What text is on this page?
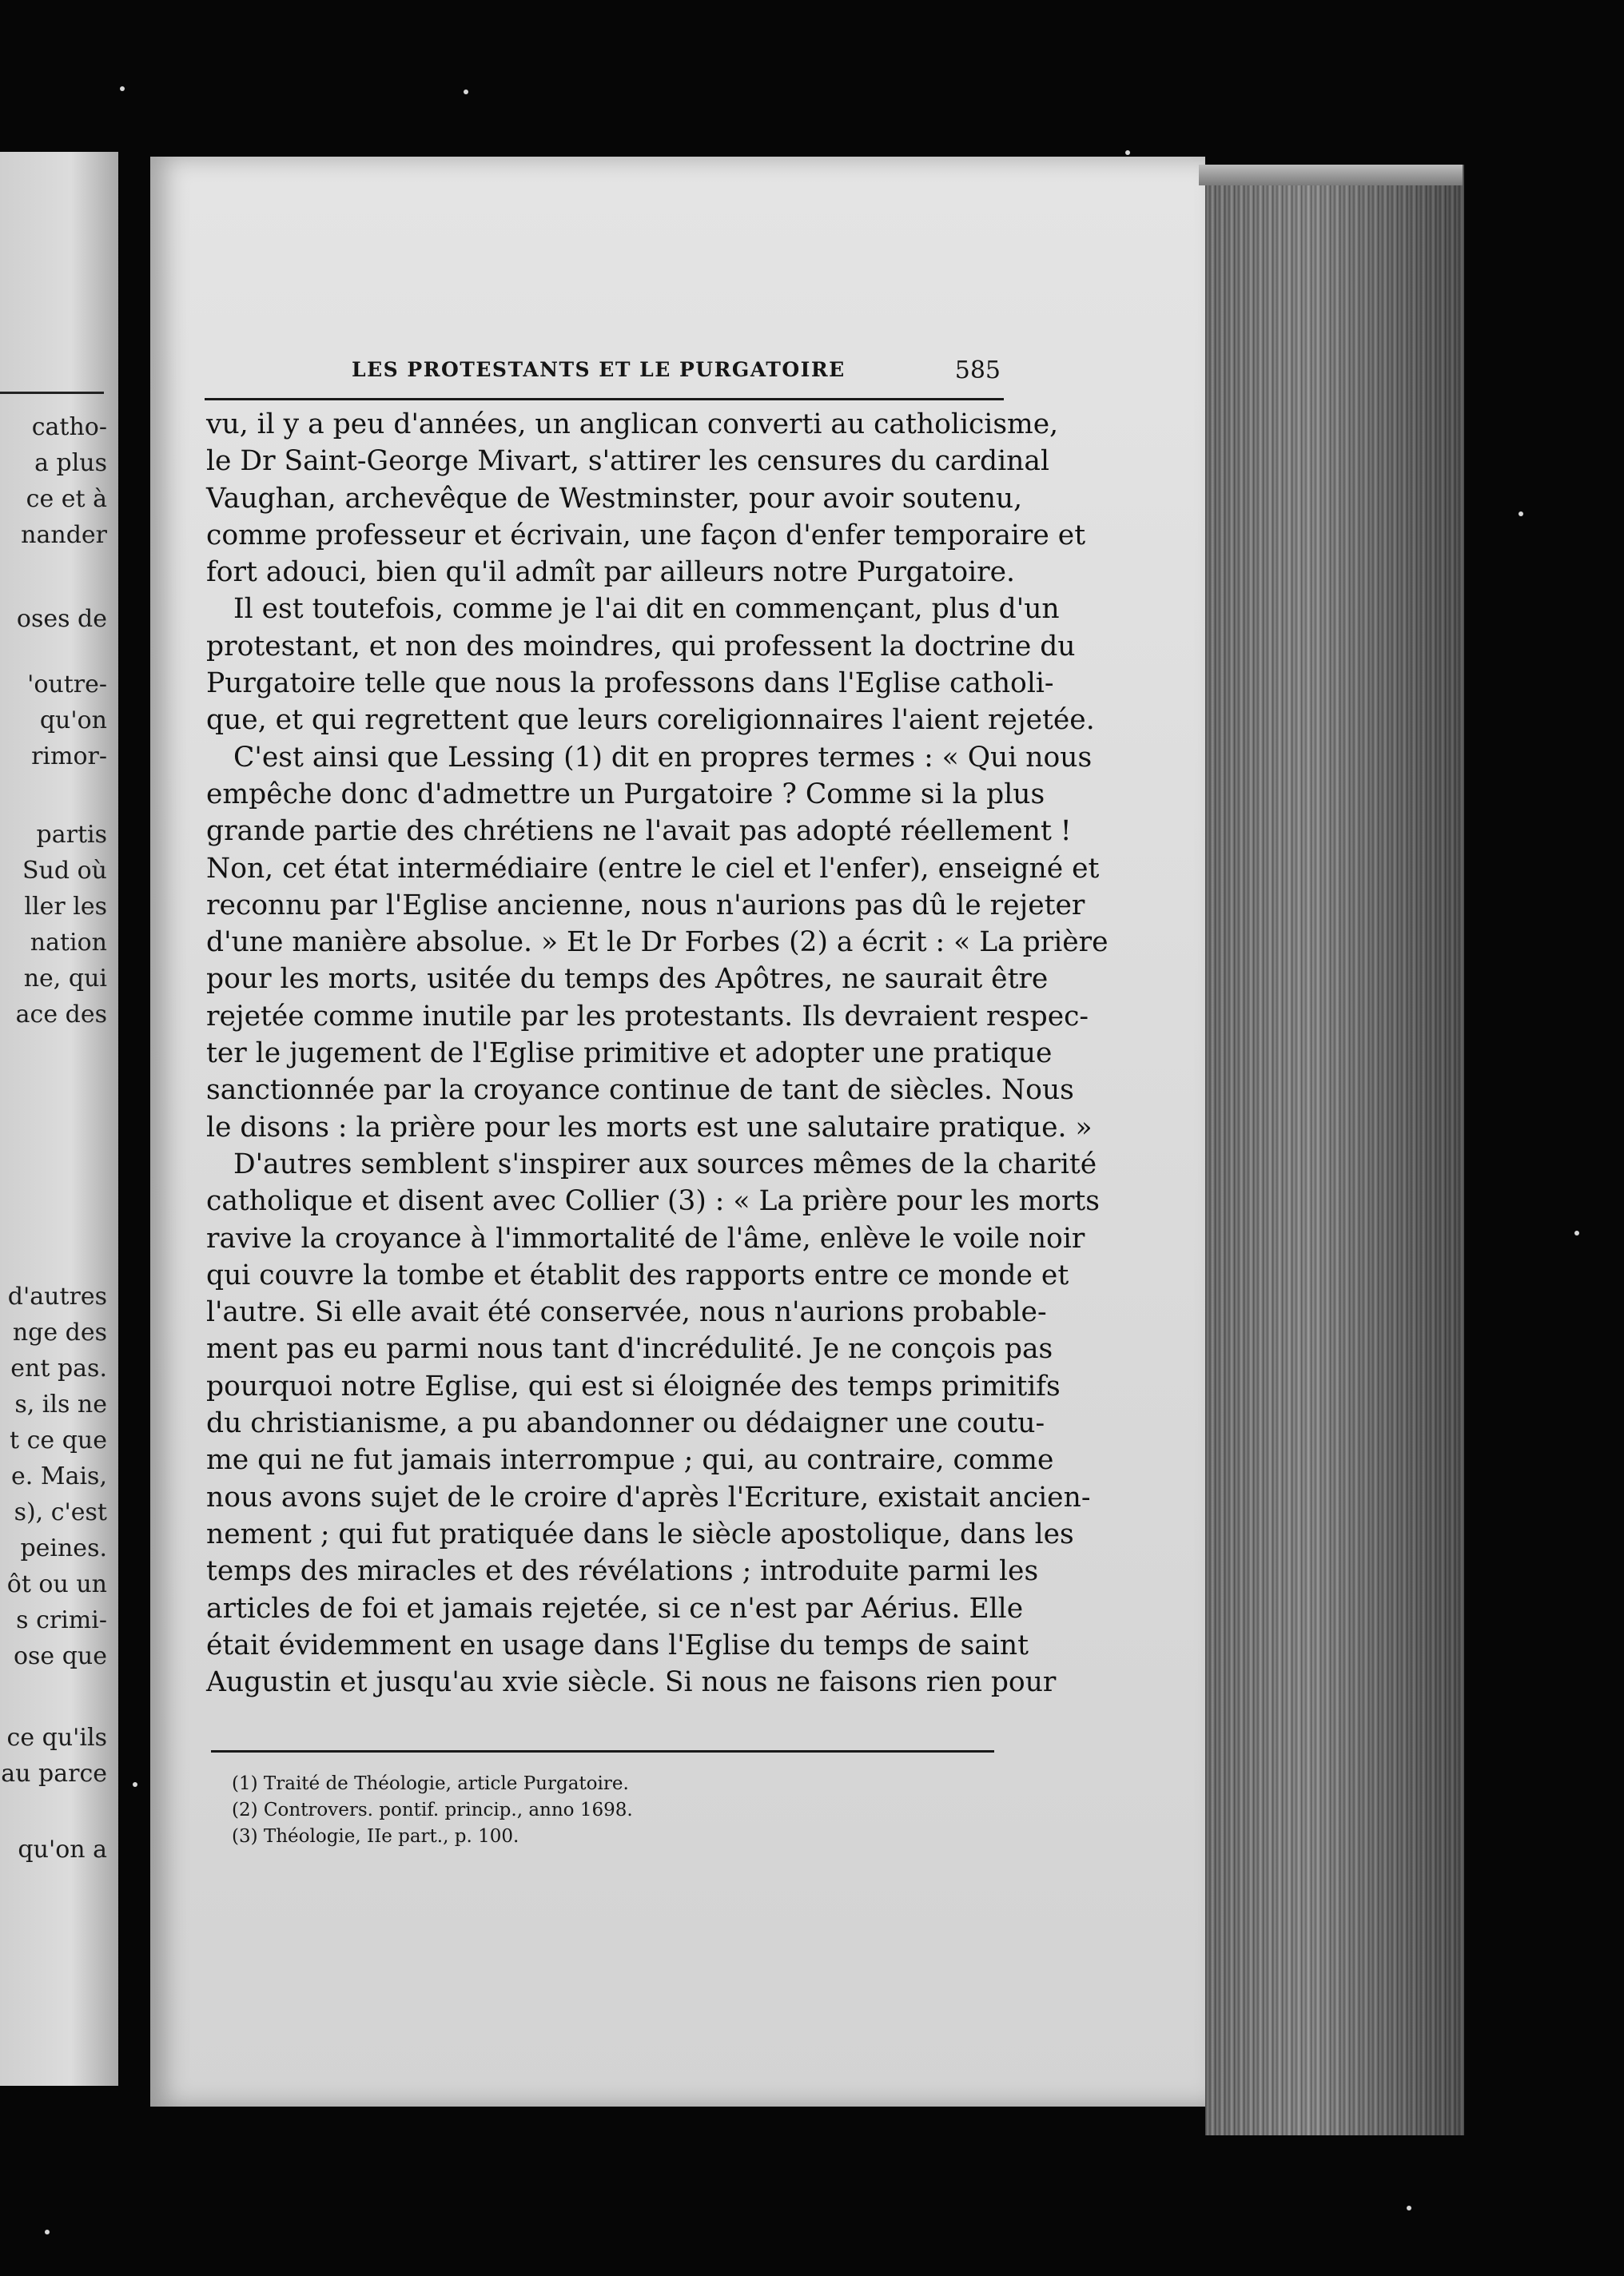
catho-
a plus
ce et à
nander
oses de
'outre-
qu'on
rimor-
partis
Sud où
ller les
nation
ne, qui
ace des
d'autres
nge des
ent pas.
s, ils ne
t ce que
e. Mais,
s), c'est
peines.
ôt ou un
s crimi-
ose que
ce qu'ils
au parce
qu'on a
LES PROTESTANTS ET LE PURGATOIRE	585
vu, il y a peu d'années, un anglican converti au catholicisme,
le Dr Saint-George Mivart, s'attirer les censures du cardinal
Vaughan, archevêque de Westminster, pour avoir soutenu,
comme professeur et écrivain, une façon d'enfer temporaire et
fort adouci, bien qu'il admît par ailleurs notre Purgatoire.
Il est toutefois, comme je l'ai dit en commençant, plus d'un
protestant, et non des moindres, qui professent la doctrine du
Purgatoire telle que nous la professons dans l'Eglise catholi-
que, et qui regrettent que leurs coreligionnaires l'aient rejetée.
C'est ainsi que Lessing (1) dit en propres termes : « Qui nous
empêche donc d'admettre un Purgatoire ? Comme si la plus
grande partie des chrétiens ne l'avait pas adopté réellement !
Non, cet état intermédiaire (entre le ciel et l'enfer), enseigné et
reconnu par l'Eglise ancienne, nous n'aurions pas dû le rejeter
d'une manière absolue. » Et le Dr Forbes (2) a écrit : « La prière
pour les morts, usitée du temps des Apôtres, ne saurait être
rejetée comme inutile par les protestants. Ils devraient respec-
ter le jugement de l'Eglise primitive et adopter une pratique
sanctionnée par la croyance continue de tant de siècles. Nous
le disons : la prière pour les morts est une salutaire pratique. »
D'autres semblent s'inspirer aux sources mêmes de la charité
catholique et disent avec Collier (3) : « La prière pour les morts
ravive la croyance à l'immortalité de l'âme, enlève le voile noir
qui couvre la tombe et établit des rapports entre ce monde et
l'autre. Si elle avait été conservée, nous n'aurions probable-
ment pas eu parmi nous tant d'incrédulité. Je ne conçois pas
pourquoi notre Eglise, qui est si éloignée des temps primitifs
du christianisme, a pu abandonner ou dédaigner une coutu-
me qui ne fut jamais interrompue ; qui, au contraire, comme
nous avons sujet de le croire d'après l'Ecriture, existait ancien-
nement ; qui fut pratiquée dans le siècle apostolique, dans les
temps des miracles et des révélations ; introduite parmi les
articles de foi et jamais rejetée, si ce n'est par Aérius. Elle
était évidemment en usage dans l'Eglise du temps de saint
Augustin et jusqu'au xvie siècle. Si nous ne faisons rien pour
(1) Traité de Théologie, article Purgatoire.
(2) Controvers. pontif. princip., anno 1698.
(3) Théologie, IIe part., p. 100.
